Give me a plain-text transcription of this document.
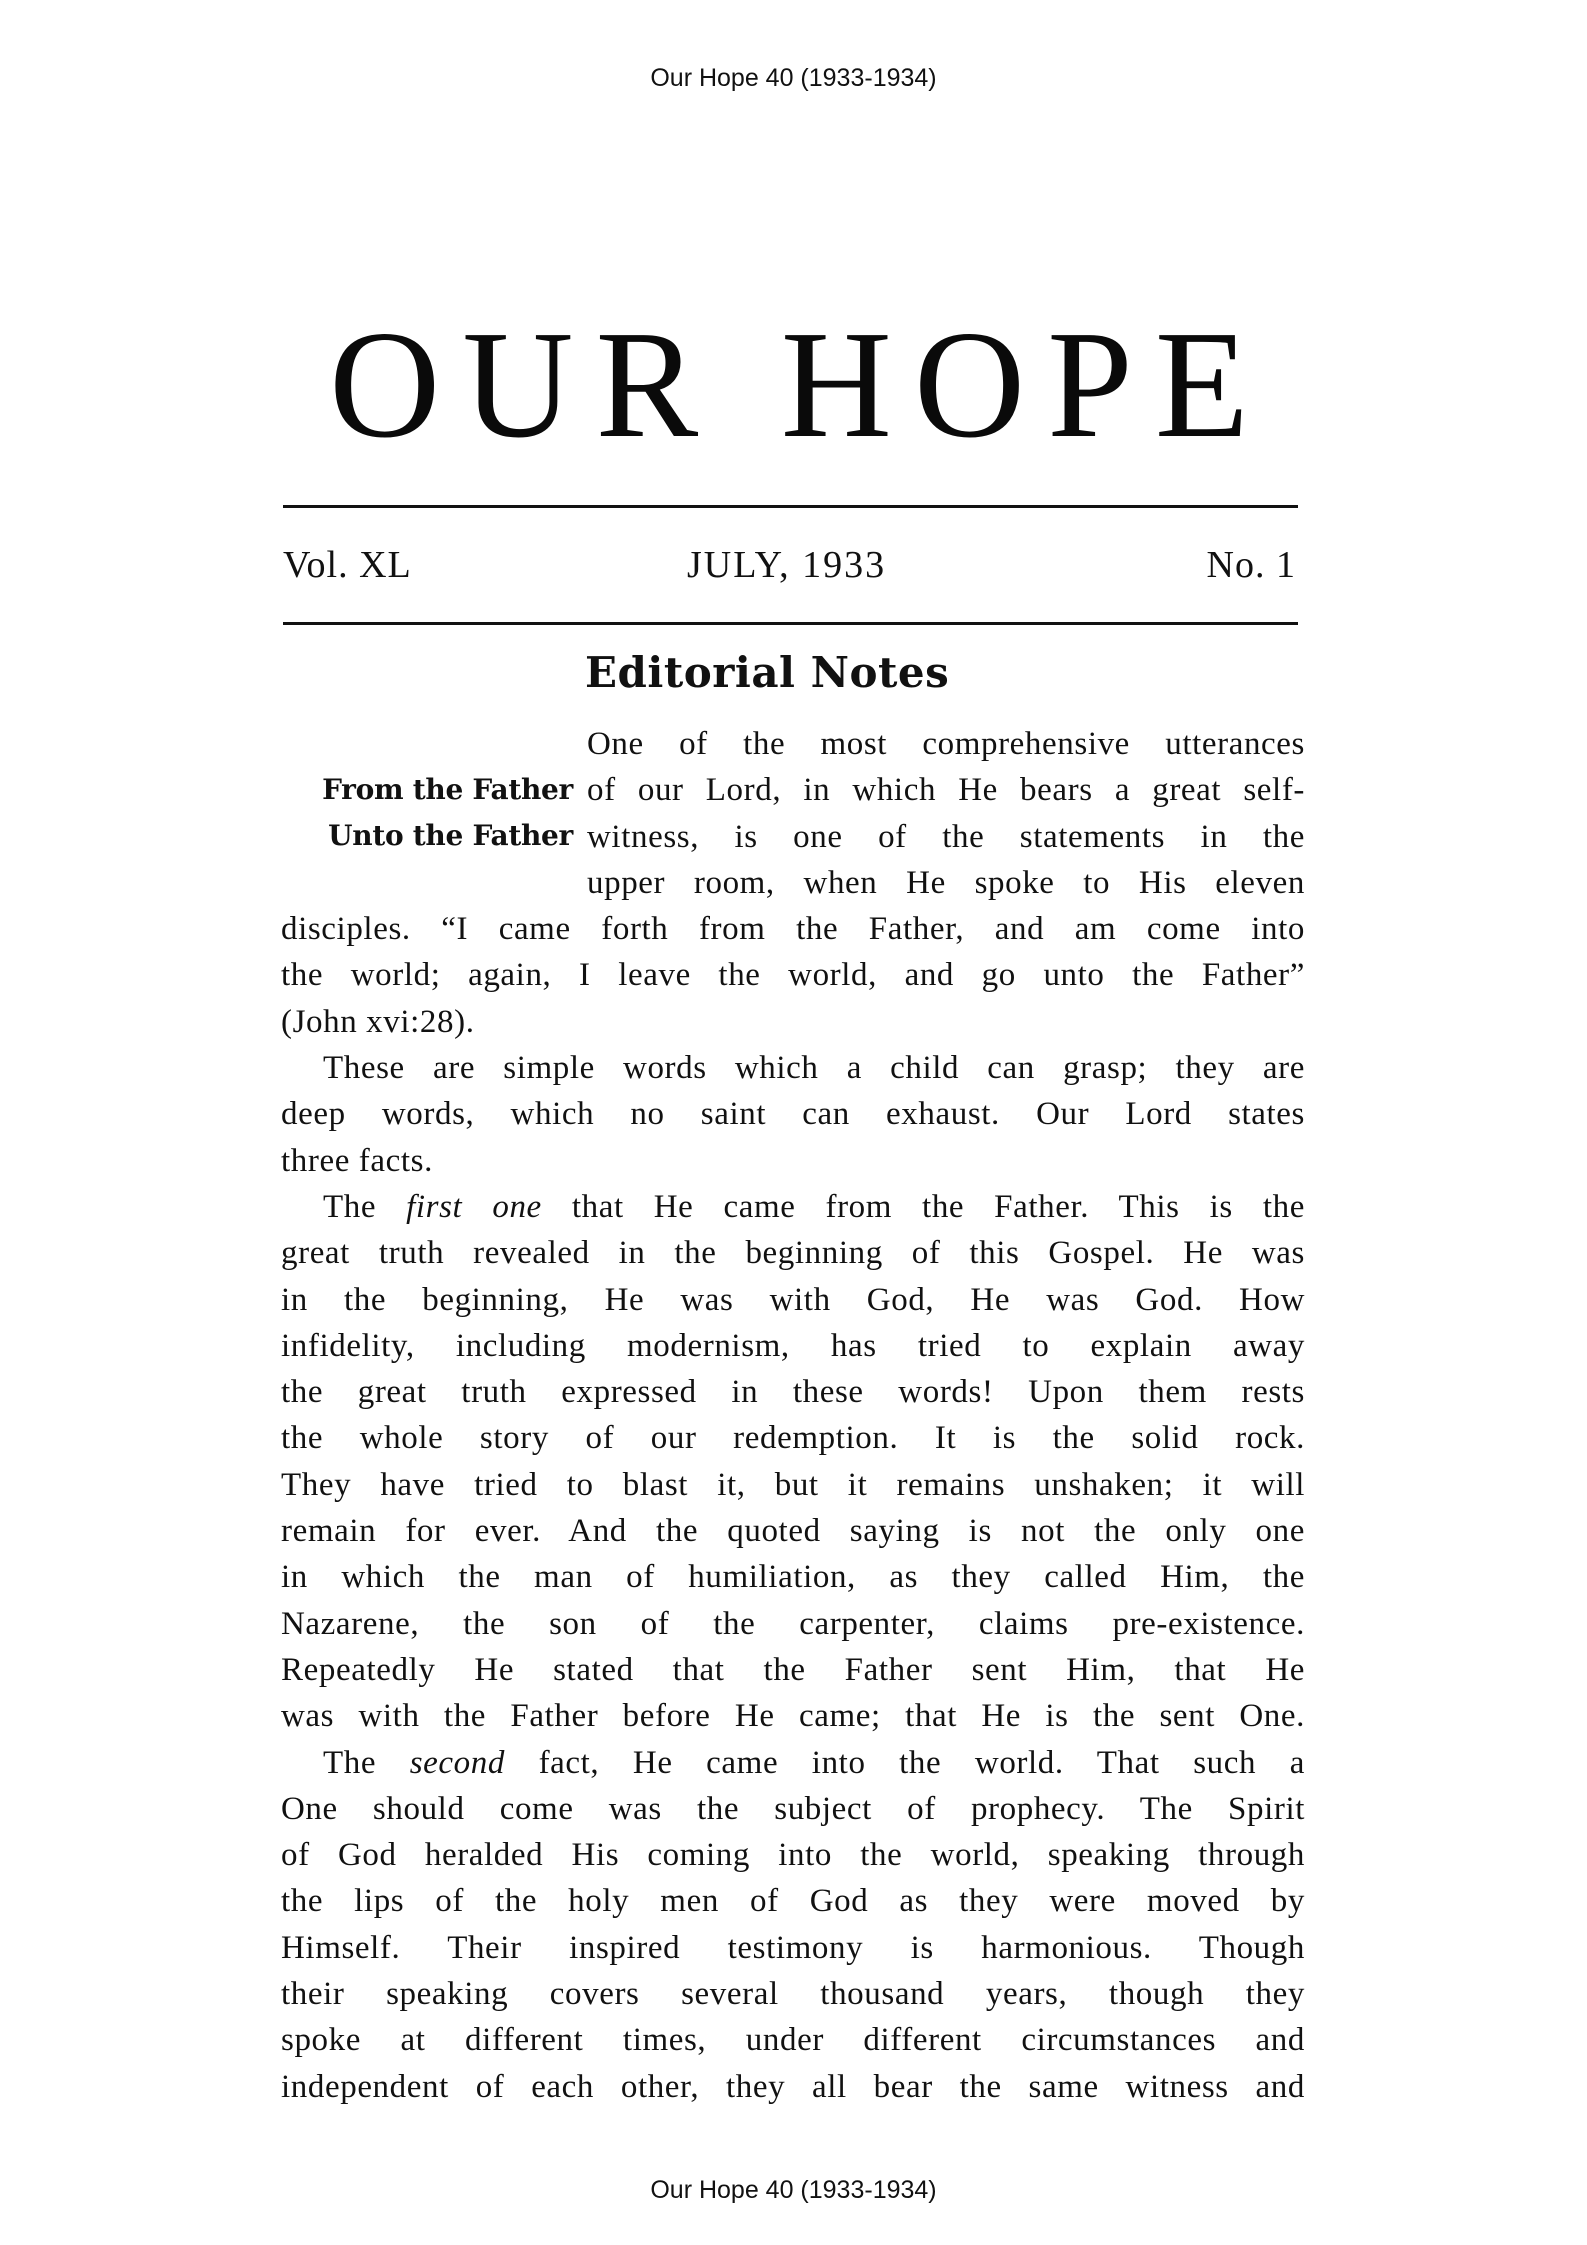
Our Hope 40 (1933-1934)
OUR HOPE
Vol. XL	JULY, 1933	No. 1
Editorial Notes
From the Father
Unto the Father
One of the most comprehensive utterances
of our Lord, in which He bears a great self-
witness, is one of the statements in the
upper room, when He spoke to His eleven
disciples. “I came forth from the Father, and am come into
the world; again, I leave the world, and go unto the Father”
(John xvi:28).
These are simple words which a child can grasp; they are
deep words, which no saint can exhaust. Our Lord states
three facts.
The first one that He came from the Father. This is the
great truth revealed in the beginning of this Gospel. He was
in the beginning, He was with God, He was God. How
infidelity, including modernism, has tried to explain away
the great truth expressed in these words! Upon them rests
the whole story of our redemption. It is the solid rock.
They have tried to blast it, but it remains unshaken; it will
remain for ever. And the quoted saying is not the only one
in which the man of humiliation, as they called Him, the
Nazarene, the son of the carpenter, claims pre-existence.
Repeatedly He stated that the Father sent Him, that He
was with the Father before He came; that He is the sent One.
The second fact, He came into the world. That such a
One should come was the subject of prophecy. The Spirit
of God heralded His coming into the world, speaking through
the lips of the holy men of God as they were moved by
Himself. Their inspired testimony is harmonious. Though
their speaking covers several thousand years, though they
spoke at different times, under different circumstances and
independent of each other, they all bear the same witness and
Our Hope 40 (1933-1934)
